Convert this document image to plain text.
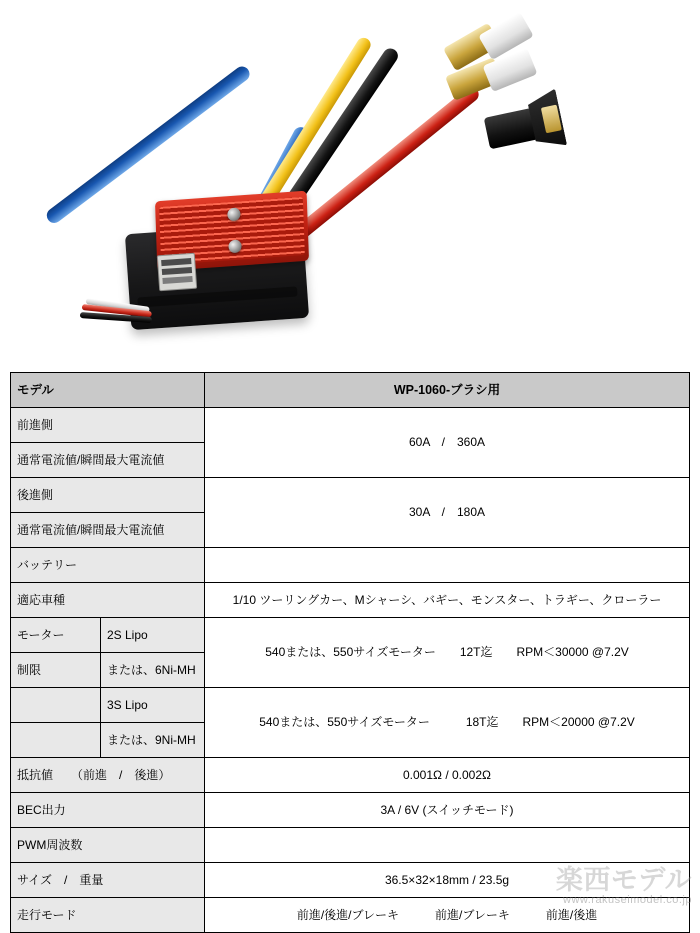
モデル		WP-1060-ブラシ用
前進側		60A　/　360A
通常電流値/瞬間最大電流値		
後進側		30A　/　180A
通常電流値/瞬間最大電流値		
バッテリー		
適応車種		1/10 ツーリングカー、Mシャーシ、バギー、モンスター、トラギー、クローラー
モーター	2S Lipo	540または、550サイズモーター　　12T迄　　RPM＜30000 @7.2V
制限	または、6Ni-MH	
	3S Lipo	540または、550サイズモーター　　　18T迄　　RPM＜20000 @7.2V
	または、9Ni-MH	
抵抗値　　（前進　/　後進）		0.001Ω / 0.002Ω
BEC出力		3A / 6V (スイッチモード)
PWM周波数		
サイズ　/　重量		36.5×32×18mm / 23.5g
走行モード		前進/後進/ブレーキ　　　前進/ブレーキ　　　前進/後進
楽西モデル
www.rakuseimodel.co.jp
